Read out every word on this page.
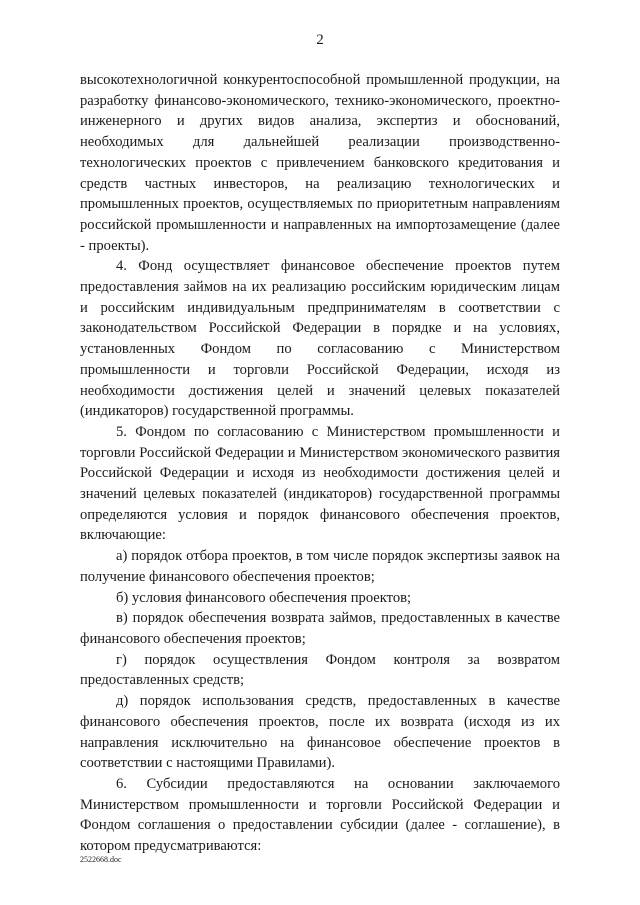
2

высокотехнологичной конкурентоспособной промышленной продукции, на разработку финансово-экономического, технико-экономического, проектно-инженерного и других видов анализа, экспертиз и обоснований, необходимых для дальнейшей реализации производственно-технологических проектов с привлечением банковского кредитования и средств частных инвесторов, на реализацию технологических и промышленных проектов, осуществляемых по приоритетным направлениям российской промышленности и направленных на импортозамещение (далее - проекты).

4. Фонд осуществляет финансовое обеспечение проектов путем предоставления займов на их реализацию российским юридическим лицам и российским индивидуальным предпринимателям в соответствии с законодательством Российской Федерации в порядке и на условиях, установленных Фондом по согласованию с Министерством промышленности и торговли Российской Федерации, исходя из необходимости достижения целей и значений целевых показателей (индикаторов) государственной программы.

5. Фондом по согласованию с Министерством промышленности и торговли Российской Федерации и Министерством экономического развития Российской Федерации и исходя из необходимости достижения целей и значений целевых показателей (индикаторов) государственной программы определяются условия и порядок финансового обеспечения проектов, включающие:

а) порядок отбора проектов, в том числе порядок экспертизы заявок на получение финансового обеспечения проектов;

б) условия финансового обеспечения проектов;

в) порядок обеспечения возврата займов, предоставленных в качестве финансового обеспечения проектов;

г) порядок осуществления Фондом контроля за возвратом предоставленных средств;

д) порядок использования средств, предоставленных в качестве финансового обеспечения проектов, после их возврата (исходя из их направления исключительно на финансовое обеспечение проектов в соответствии с настоящими Правилами).

6. Субсидии предоставляются на основании заключаемого Министерством промышленности и торговли Российской Федерации и Фондом соглашения о предоставлении субсидии (далее - соглашение), в котором предусматриваются:

2522668.doc
